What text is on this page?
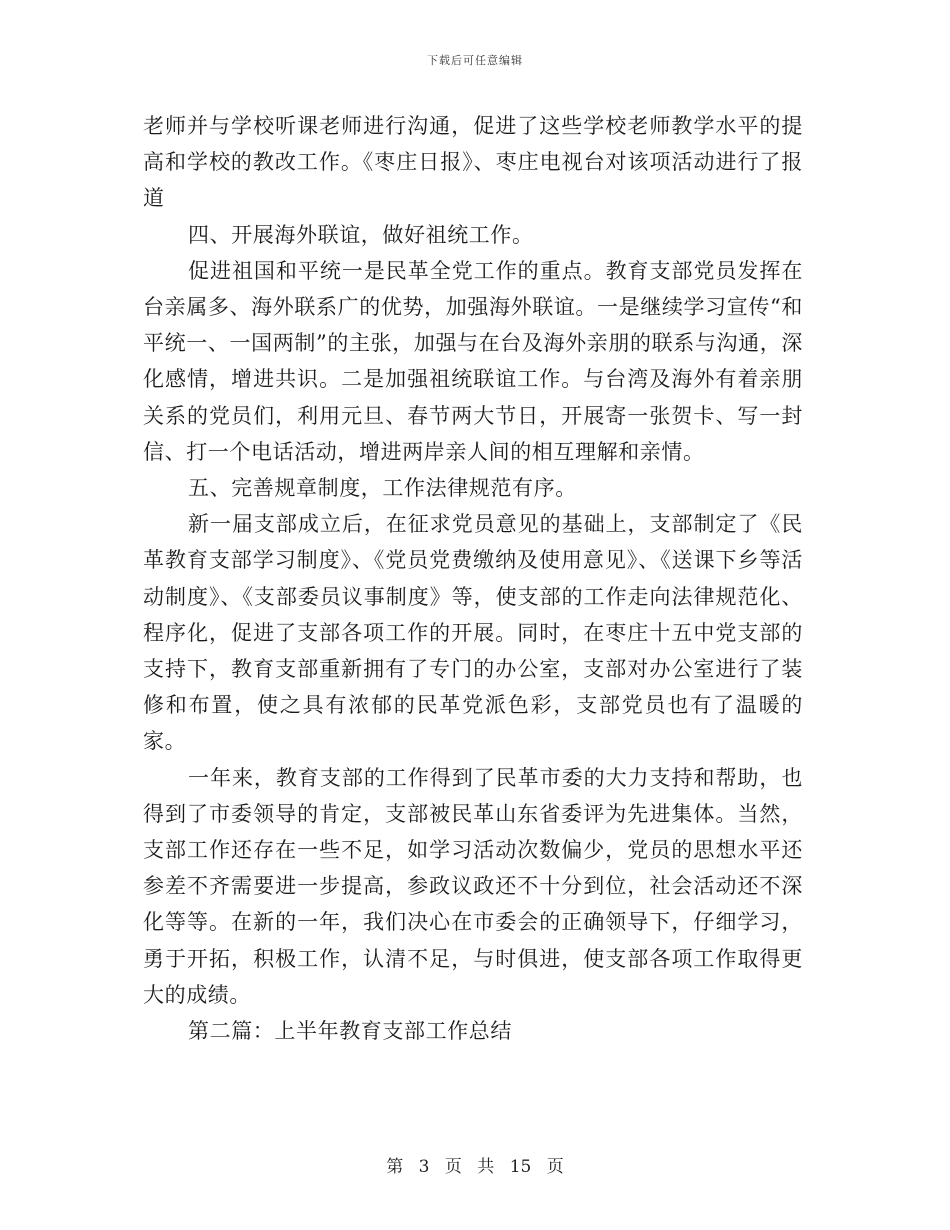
下载后可任意编辑

老师并与学校听课老师进行沟通，促进了这些学校老师教学水平的提高和学校的教改工作。《枣庄日报》、枣庄电视台对该项活动进行了报道

四、开展海外联谊，做好祖统工作。

促进祖国和平统一是民革全党工作的重点。教育支部党员发挥在台亲属多、海外联系广的优势，加强海外联谊。一是继续学习宣传“和平统一、一国两制”的主张，加强与在台及海外亲朋的联系与沟通，深化感情，增进共识。二是加强祖统联谊工作。与台湾及海外有着亲朋关系的党员们，利用元旦、春节两大节日，开展寄一张贺卡、写一封信、打一个电话活动，增进两岸亲人间的相互理解和亲情。

五、完善规章制度，工作法律规范有序。

新一届支部成立后，在征求党员意见的基础上，支部制定了《民革教育支部学习制度》、《党员党费缴纳及使用意见》、《送课下乡等活动制度》、《支部委员议事制度》等，使支部的工作走向法律规范化、程序化，促进了支部各项工作的开展。同时，在枣庄十五中党支部的支持下，教育支部重新拥有了专门的办公室，支部对办公室进行了装修和布置，使之具有浓郁的民革党派色彩，支部党员也有了温暖的家。

一年来，教育支部的工作得到了民革市委的大力支持和帮助，也得到了市委领导的肯定，支部被民革山东省委评为先进集体。当然，支部工作还存在一些不足，如学习活动次数偏少，党员的思想水平还参差不齐需要进一步提高，参政议政还不十分到位，社会活动还不深化等等。在新的一年，我们决心在市委会的正确领导下，仔细学习，勇于开拓，积极工作，认清不足，与时俱进，使支部各项工作取得更大的成绩。

第二篇：上半年教育支部工作总结

第 3 页 共 15 页
